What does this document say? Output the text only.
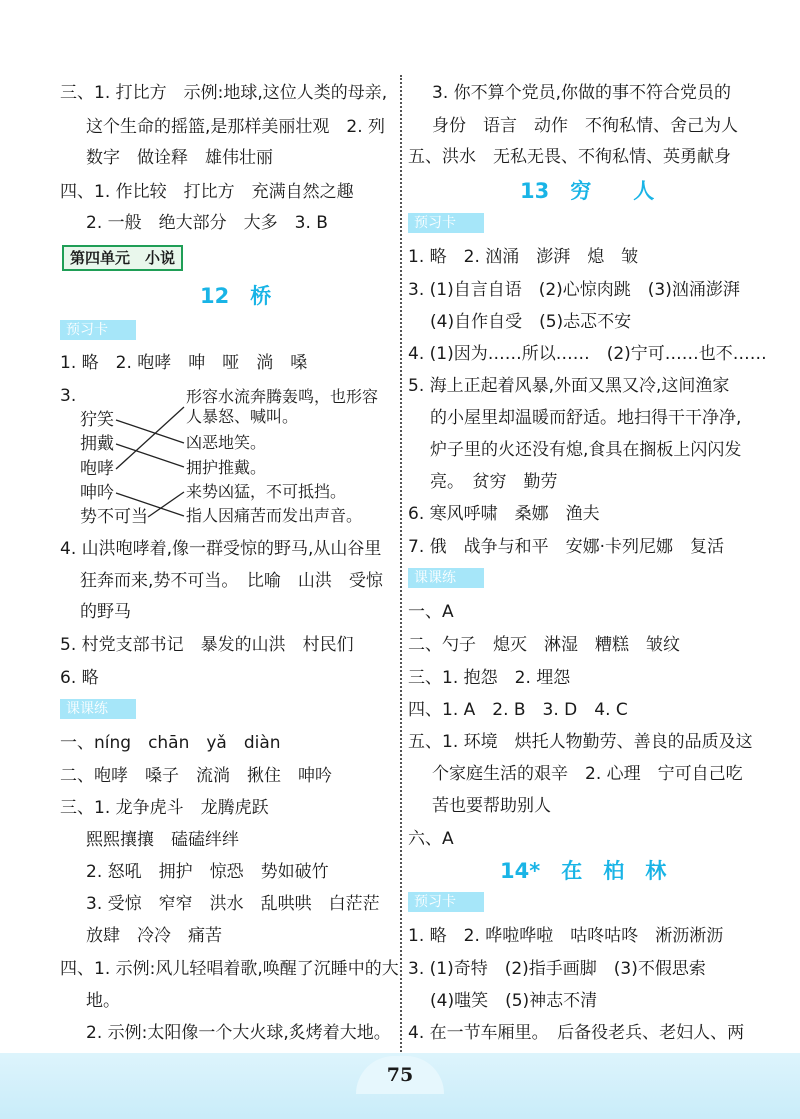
三、1. 打比方　示例:地球,这位人类的母亲,
这个生命的摇篮,是那样美丽壮观　2. 列
数字　做诠释　雄伟壮丽
四、1. 作比较　打比方　充满自然之趣
2. 一般　绝大部分　大多　3. B
第四单元　小说
12　桥
预习卡
1. 略　2. 咆哮　呻　哑　淌　嗓
3.
狞笑
拥戴
咆哮
呻吟
势不可当
形容水流奔腾轰鸣，也形容
人暴怒、喊叫。
凶恶地笑。
拥护推戴。
来势凶猛，不可抵挡。
指人因痛苦而发出声音。
4. 山洪咆哮着,像一群受惊的野马,从山谷里
狂奔而来,势不可当。　比喻　山洪　受惊
的野马
5. 村党支部书记　暴发的山洪　村民们
6. 略
课课练
一、níng　chān　yǎ　diàn
二、咆哮　嗓子　流淌　揪住　呻吟
三、1. 龙争虎斗　龙腾虎跃
熙熙攘攘　磕磕绊绊
2. 怒吼　拥护　惊恐　势如破竹
3. 受惊　窄窄　洪水　乱哄哄　白茫茫
放肆　冷冷　痛苦
四、1. 示例:风儿轻唱着歌,唤醒了沉睡中的大
地。
2. 示例:太阳像一个大火球,炙烤着大地。
3. 你不算个党员,你做的事不符合党员的
身份　语言　动作　不徇私情、舍己为人
五、洪水　无私无畏、不徇私情、英勇献身
13　穷　　人
预习卡
1. 略　2. 汹涌　澎湃　熄　皱
3. (1)自言自语　(2)心惊肉跳　(3)汹涌澎湃
(4)自作自受　(5)忐忑不安
4. (1)因为……所以……　(2)宁可……也不……
5. 海上正起着风暴,外面又黑又冷,这间渔家
的小屋里却温暖而舒适。地扫得干干净净,
炉子里的火还没有熄,食具在搁板上闪闪发
亮。　贫穷　勤劳
6. 寒风呼啸　桑娜　渔夫
7. 俄　战争与和平　安娜·卡列尼娜　复活
课课练
一、A
二、勺子　熄灭　淋湿　糟糕　皱纹
三、1. 抱怨　2. 埋怨
四、1. A　2. B　3. D　4. C
五、1. 环境　烘托人物勤劳、善良的品质及这
个家庭生活的艰辛　2. 心理　宁可自己吃
苦也要帮助别人
六、A
14*　在　柏　林
预习卡
1. 略　2. 哗啦哗啦　咕咚咕咚　淅沥淅沥
3. (1)奇特　(2)指手画脚　(3)不假思索
(4)嗤笑　(5)神志不清
4. 在一节车厢里。　后备役老兵、老妇人、两
75
